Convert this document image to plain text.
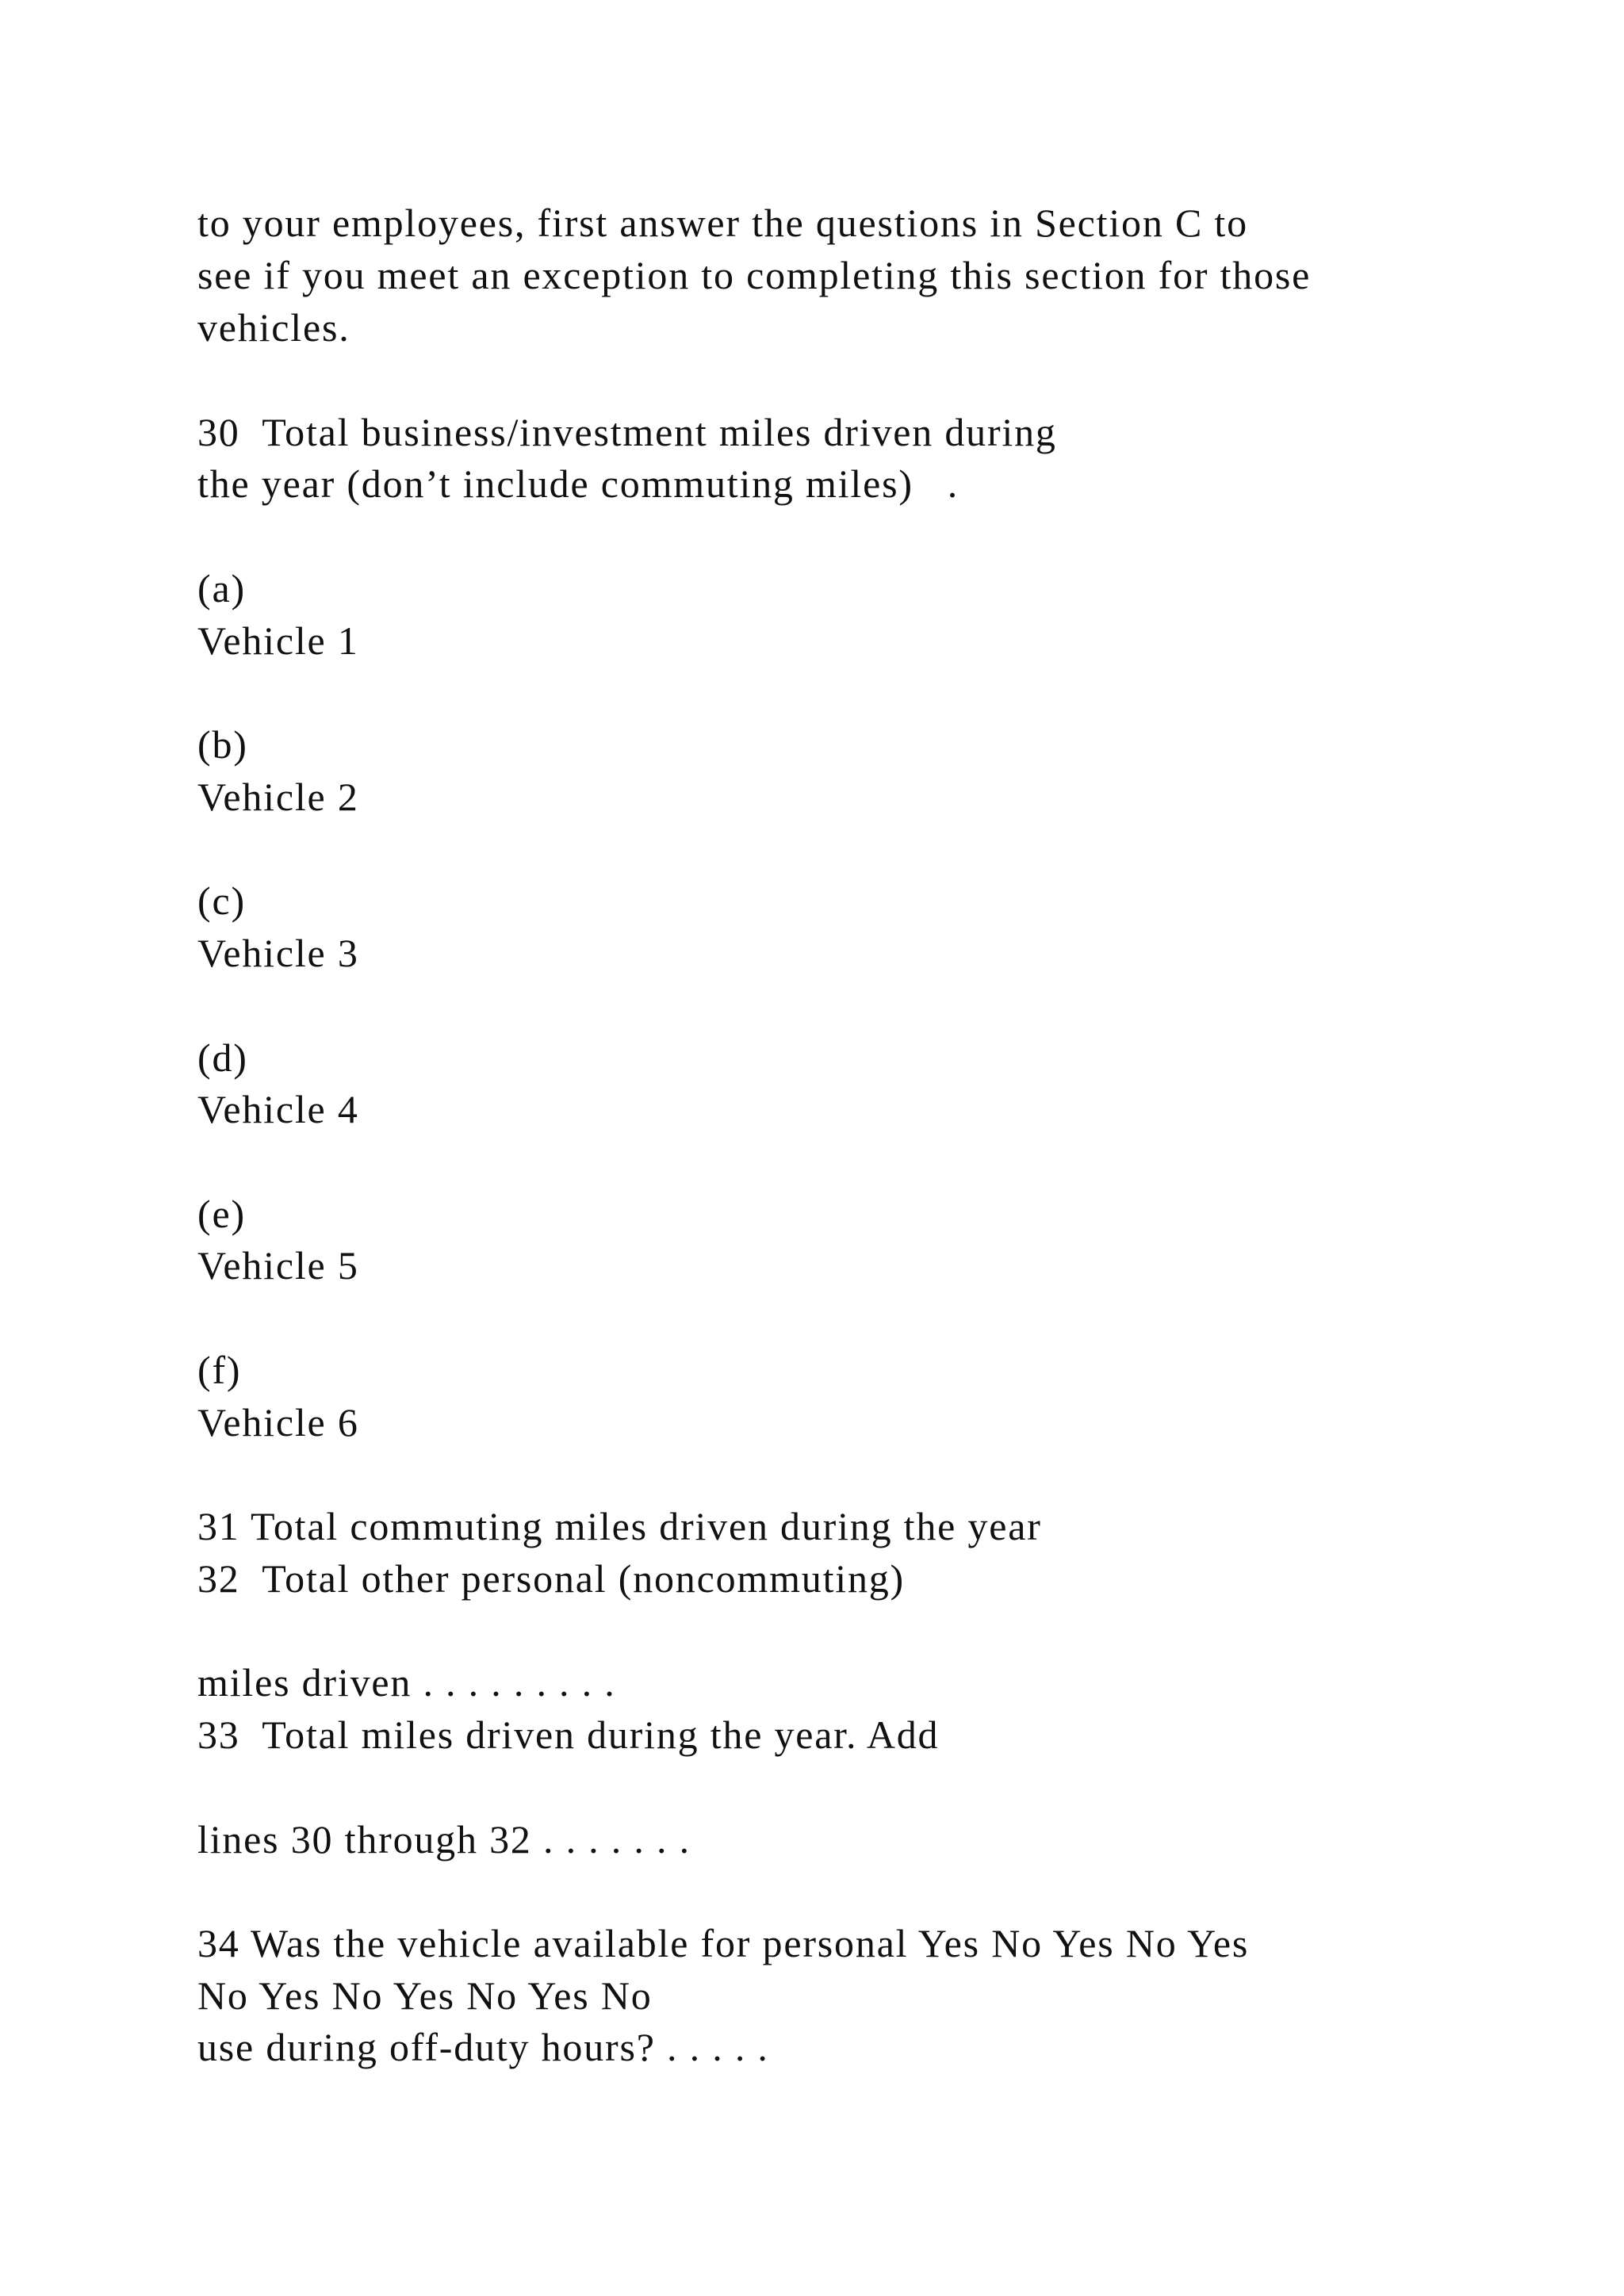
to your employees, first answer the questions in Section C to
see if you meet an exception to completing this section for those
vehicles.
30  Total business/investment miles driven during
the year (don’t include commuting miles)   .
(a)
Vehicle 1
(b)
Vehicle 2
(c)
Vehicle 3
(d)
Vehicle 4
(e)
Vehicle 5
(f)
Vehicle 6
31 Total commuting miles driven during the year
32  Total other personal (noncommuting)
miles driven . . . . . . . . .
33  Total miles driven during the year. Add
lines 30 through 32 . . . . . . .
34 Was the vehicle available for personal Yes No Yes No Yes
No Yes No Yes No Yes No
use during off-duty hours? . . . . .
